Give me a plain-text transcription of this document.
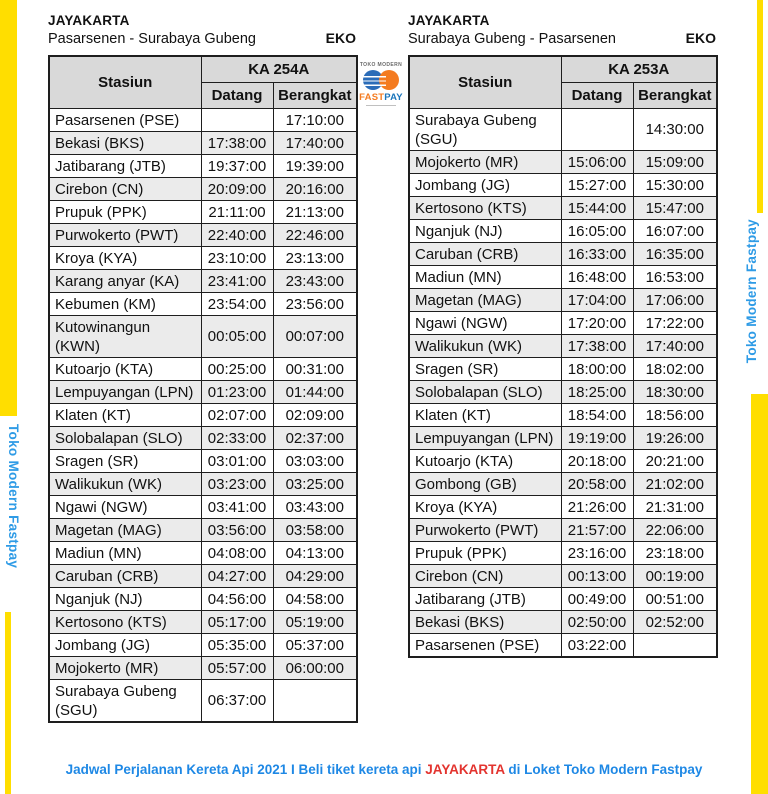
Toko Modern Fastpay
Toko Modern Fastpay
JAYAKARTA
Pasarsenen - Surabaya Gubeng	EKO
Stasiun	KA 254A	
	Datang	Berangkat
Pasarsenen (PSE)		17:10:00
Bekasi (BKS)	17:38:00	17:40:00
Jatibarang (JTB)	19:37:00	19:39:00
Cirebon (CN)	20:09:00	20:16:00
Prupuk (PPK)	21:11:00	21:13:00
Purwokerto (PWT)	22:40:00	22:46:00
Kroya (KYA)	23:10:00	23:13:00
Karang anyar (KA)	23:41:00	23:43:00
Kebumen (KM)	23:54:00	23:56:00
Kutowinangun (KWN)	00:05:00	00:07:00
Kutoarjo (KTA)	00:25:00	00:31:00
Lempuyangan (LPN)	01:23:00	01:44:00
Klaten (KT)	02:07:00	02:09:00
Solobalapan (SLO)	02:33:00	02:37:00
Sragen (SR)	03:01:00	03:03:00
Walikukun (WK)	03:23:00	03:25:00
Ngawi (NGW)	03:41:00	03:43:00
Magetan (MAG)	03:56:00	03:58:00
Madiun (MN)	04:08:00	04:13:00
Caruban (CRB)	04:27:00	04:29:00
Nganjuk (NJ)	04:56:00	04:58:00
Kertosono (KTS)	05:17:00	05:19:00
Jombang (JG)	05:35:00	05:37:00
Mojokerto (MR)	05:57:00	06:00:00
Surabaya Gubeng (SGU)	06:37:00	
TOKO MODERN
FASTPAY
JAYAKARTA
Surabaya Gubeng - Pasarsenen	EKO
Stasiun	KA 253A	
	Datang	Berangkat
Surabaya Gubeng (SGU)		14:30:00
Mojokerto (MR)	15:06:00	15:09:00
Jombang (JG)	15:27:00	15:30:00
Kertosono (KTS)	15:44:00	15:47:00
Nganjuk (NJ)	16:05:00	16:07:00
Caruban (CRB)	16:33:00	16:35:00
Madiun (MN)	16:48:00	16:53:00
Magetan (MAG)	17:04:00	17:06:00
Ngawi (NGW)	17:20:00	17:22:00
Walikukun (WK)	17:38:00	17:40:00
Sragen (SR)	18:00:00	18:02:00
Solobalapan (SLO)	18:25:00	18:30:00
Klaten (KT)	18:54:00	18:56:00
Lempuyangan (LPN)	19:19:00	19:26:00
Kutoarjo (KTA)	20:18:00	20:21:00
Gombong (GB)	20:58:00	21:02:00
Kroya (KYA)	21:26:00	21:31:00
Purwokerto (PWT)	21:57:00	22:06:00
Prupuk (PPK)	23:16:00	23:18:00
Cirebon (CN)	00:13:00	00:19:00
Jatibarang (JTB)	00:49:00	00:51:00
Bekasi (BKS)	02:50:00	02:52:00
Pasarsenen (PSE)	03:22:00	
Jadwal Perjalanan Kereta Api 2021 I Beli tiket kereta api JAYAKARTA di Loket Toko Modern Fastpay
